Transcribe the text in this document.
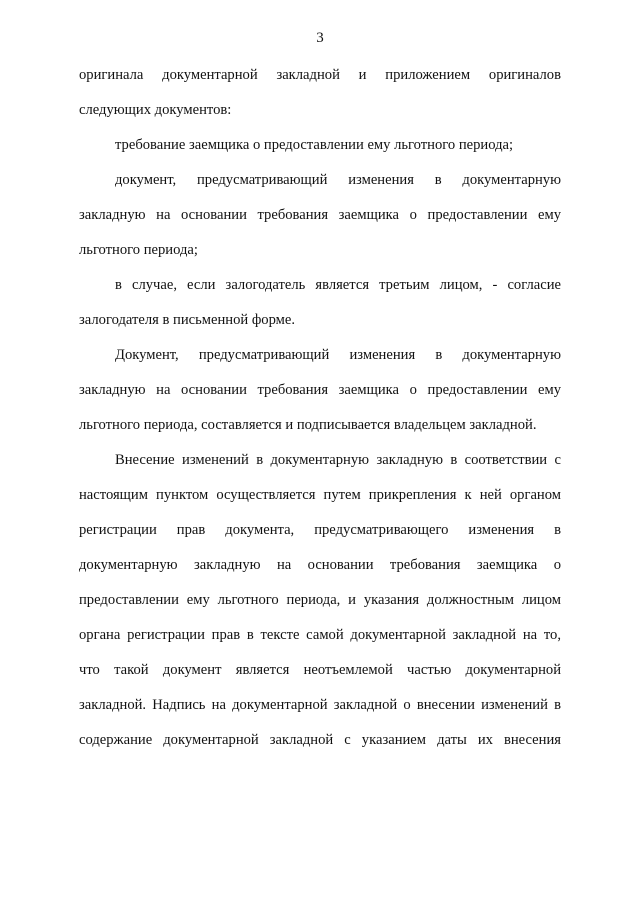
3
оригинала документарной закладной и приложением оригиналов
следующих документов:
требование заемщика о предоставлении ему льготного периода;
документ, предусматривающий изменения в документарную
закладную на основании требования заемщика о предоставлении ему
льготного периода;
в случае, если залогодатель является третьим лицом, - согласие
залогодателя в письменной форме.
Документ, предусматривающий изменения в документарную
закладную на основании требования заемщика о предоставлении ему
льготного периода, составляется и подписывается владельцем закладной.
Внесение изменений в документарную закладную в соответствии с
настоящим пунктом осуществляется путем прикрепления к ней органом
регистрации прав документа, предусматривающего изменения в
документарную закладную на основании требования заемщика о
предоставлении ему льготного периода, и указания должностным лицом
органа регистрации прав в тексте самой документарной закладной на то,
что такой документ является неотъемлемой частью документарной
закладной. Надпись на документарной закладной о внесении изменений в
содержание документарной закладной с указанием даты их внесения
